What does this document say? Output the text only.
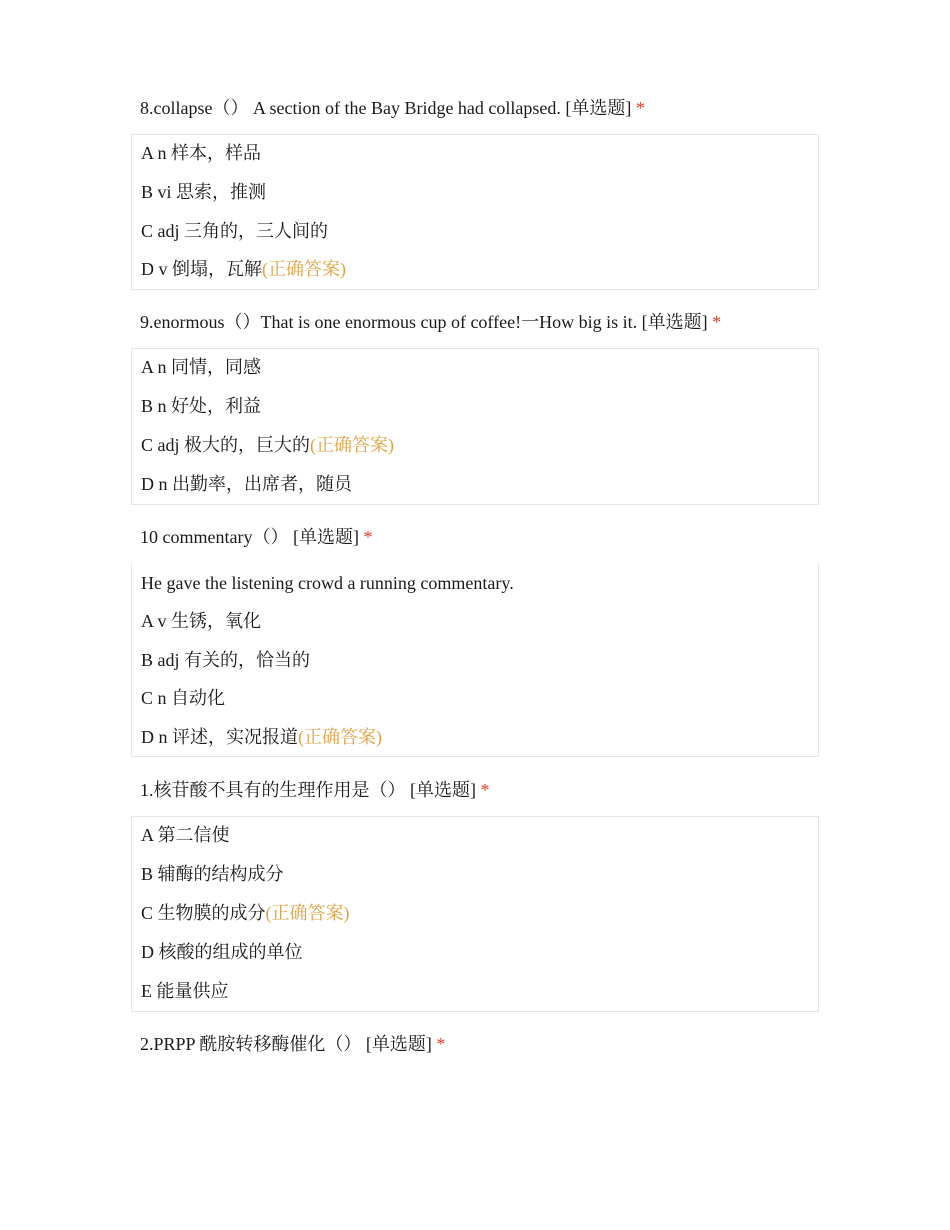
8.collapse（） A section of the Bay Bridge had collapsed. [单选题] *
A n 样本，样品
B vi 思索，推测
C adj 三角的，三人间的
D v 倒塌，瓦解(正确答案)
9.enormous（）That is one enormous cup of coffee!一How big is it. [单选题] *
A n 同情，同感
B n 好处，利益
C adj 极大的，巨大的(正确答案)
D n 出勤率，出席者，随员
10 commentary（） [单选题] *
He gave the listening crowd a running commentary.
A v 生锈，氧化
B adj 有关的，恰当的
C n 自动化
D n 评述，实况报道(正确答案)
1.核苷酸不具有的生理作用是（） [单选题] *
A 第二信使
B 辅酶的结构成分
C 生物膜的成分(正确答案)
D 核酸的组成的单位
E 能量供应
2.PRPP 酰胺转移酶催化（） [单选题] *
